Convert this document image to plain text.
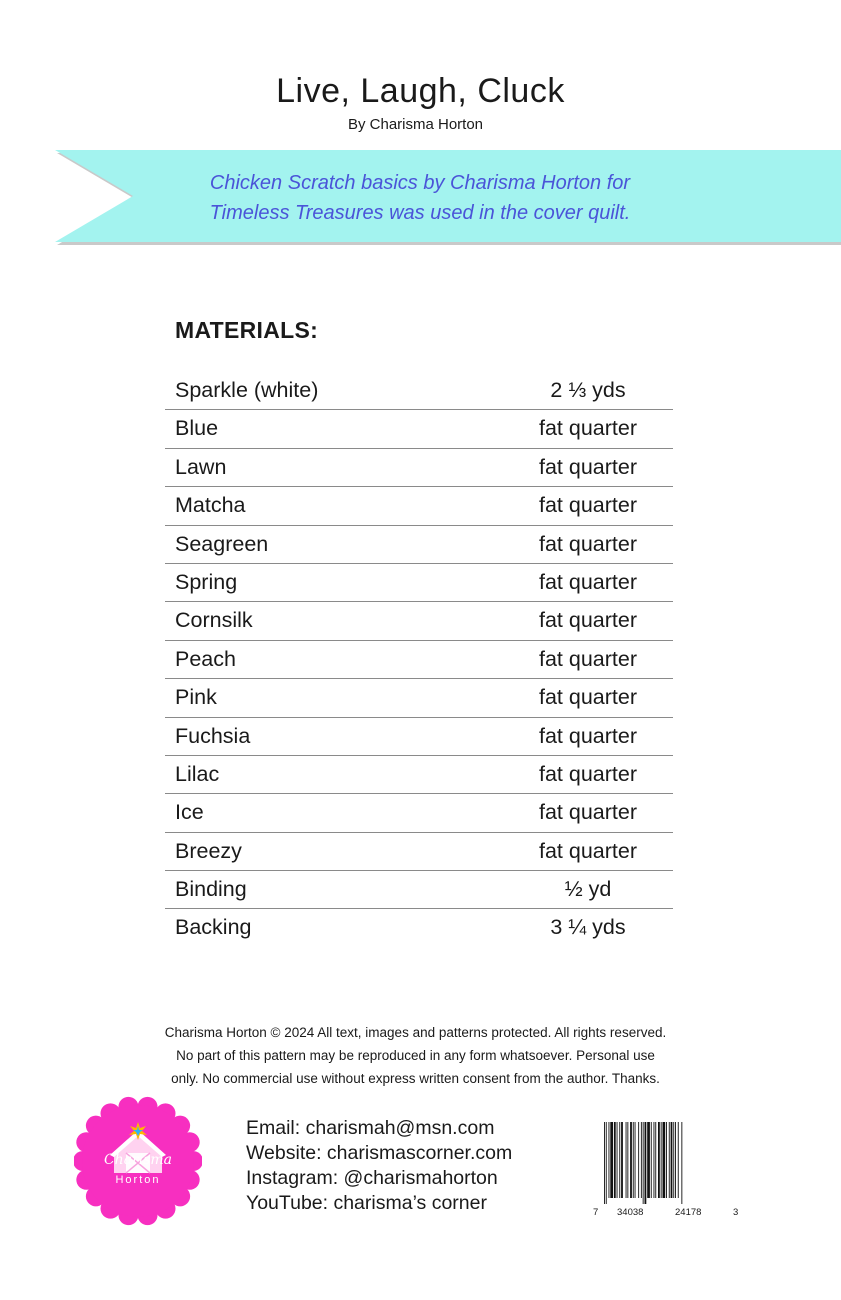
Live, Laugh, Cluck
By Charisma Horton
Chicken Scratch basics by Charisma Horton for
Timeless Treasures was used in the cover quilt.
MATERIALS:
Sparkle (white)	2 ⅓ yds
Blue	fat quarter
Lawn	fat quarter
Matcha	fat quarter
Seagreen	fat quarter
Spring	fat quarter
Cornsilk	fat quarter
Peach	fat quarter
Pink	fat quarter
Fuchsia	fat quarter
Lilac	fat quarter
Ice	fat quarter
Breezy	fat quarter
Binding	½ yd
Backing	3 ¼ yds
Charisma Horton © 2024 All text, images and patterns protected. All rights reserved.
No part of this pattern may be reproduced in any form whatsoever. Personal use
only. No commercial use without express written consent from the author. Thanks.
Charisma
Horton
Email: charismah@msn.com
Website: charismascorner.com
Instagram: @charismahorton
YouTube: charisma’s corner	7 34038	24178	3
